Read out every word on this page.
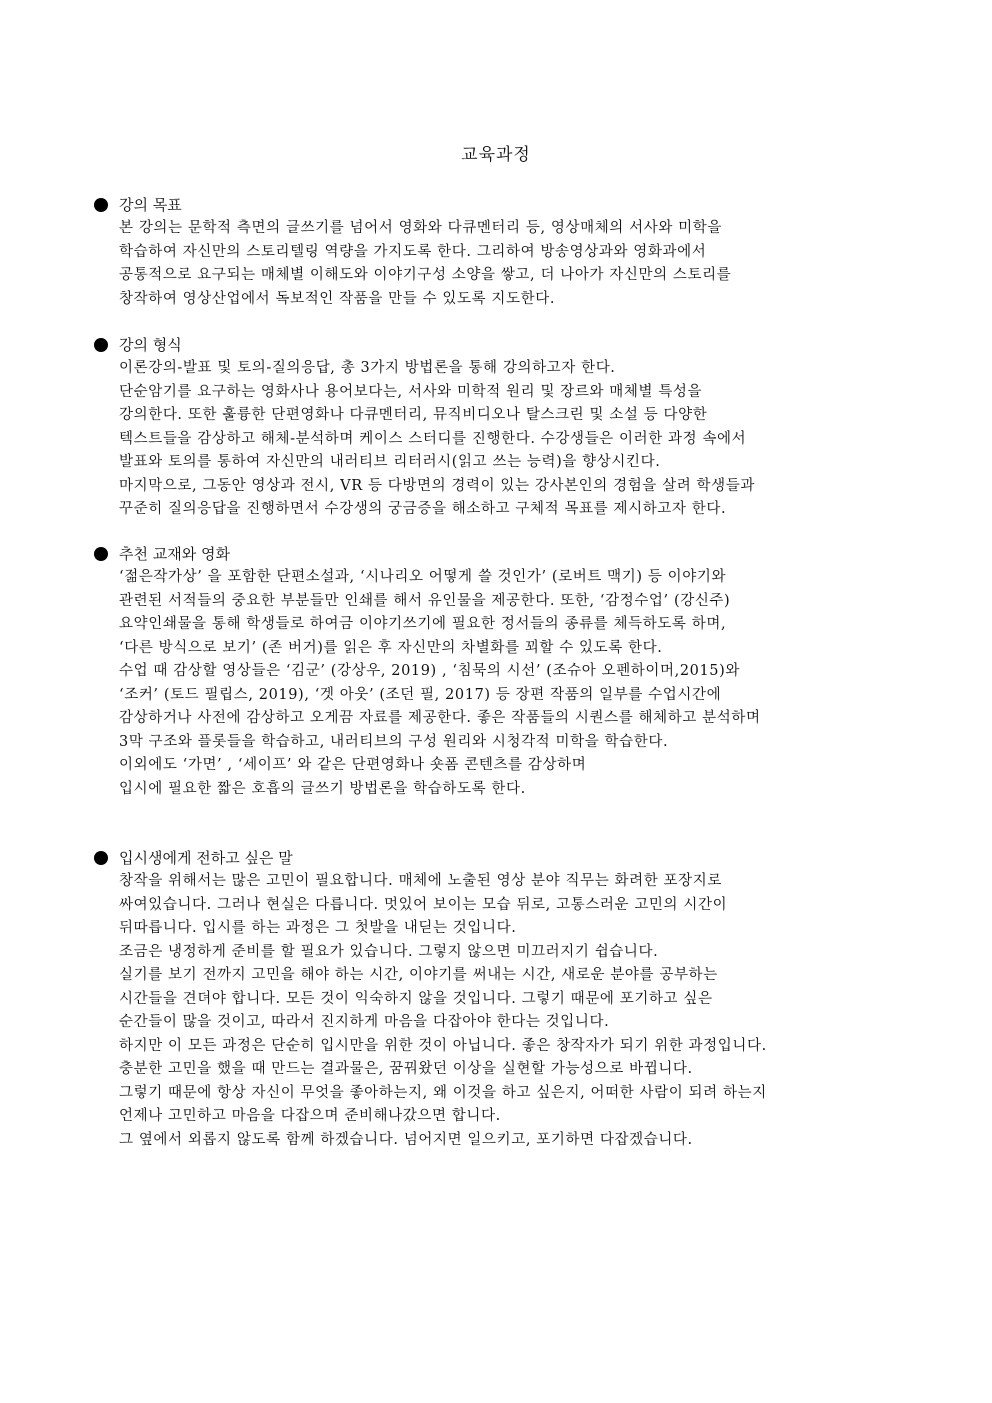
교육과정
강의 목표
본 강의는 문학적 측면의 글쓰기를 넘어서 영화와 다큐멘터리 등, 영상매체의 서사와 미학을
학습하여 자신만의 스토리텔링 역량을 가지도록 한다. 그리하여 방송영상과와 영화과에서
공통적으로 요구되는 매체별 이해도와 이야기구성 소양을 쌓고, 더 나아가 자신만의 스토리를
창작하여 영상산업에서 독보적인 작품을 만들 수 있도록 지도한다.
강의 형식
이론강의-발표 및 토의-질의응답, 총 3가지 방법론을 통해 강의하고자 한다.
단순암기를 요구하는 영화사나 용어보다는, 서사와 미학적 원리 및 장르와 매체별 특성을
강의한다. 또한 훌륭한 단편영화나 다큐멘터리, 뮤직비디오나 탈스크린 및 소설 등 다양한
텍스트들을 감상하고 해체-분석하며 케이스 스터디를 진행한다. 수강생들은 이러한 과정 속에서
발표와 토의를 통하여 자신만의 내러티브 리터러시(읽고 쓰는 능력)을 향상시킨다.
마지막으로, 그동안 영상과 전시, VR 등 다방면의 경력이 있는 강사본인의 경험을 살려 학생들과
꾸준히 질의응답을 진행하면서 수강생의 궁금증을 해소하고 구체적 목표를 제시하고자 한다.
추천 교재와 영화
‘젊은작가상’ 을 포함한 단편소설과, ‘시나리오 어떻게 쓸 것인가’ (로버트 맥기) 등 이야기와
관련된 서적들의 중요한 부분들만 인쇄를 해서 유인물을 제공한다. 또한, ‘감정수업’ (강신주)
요약인쇄물을 통해 학생들로 하여금 이야기쓰기에 필요한 정서들의 종류를 체득하도록 하며,
‘다른 방식으로 보기’ (존 버거)를 읽은 후 자신만의 차별화를 꾀할 수 있도록 한다.
수업 때 감상할 영상들은 ‘김군’ (강상우, 2019) , ‘침묵의 시선’ (조슈아 오펜하이머,2015)와
‘조커’ (토드 필립스, 2019), ‘겟 아웃’ (조던 필, 2017) 등 장편 작품의 일부를 수업시간에
감상하거나 사전에 감상하고 오게끔 자료를 제공한다. 좋은 작품들의 시퀀스를 해체하고 분석하며
3막 구조와 플롯들을 학습하고, 내러티브의 구성 원리와 시청각적 미학을 학습한다.
이외에도 ‘가면’ , ‘세이프’ 와 같은 단편영화나 숏폼 콘텐츠를 감상하며
입시에 필요한 짧은 호흡의 글쓰기 방법론을 학습하도록 한다.
입시생에게 전하고 싶은 말
창작을 위해서는 많은 고민이 필요합니다. 매체에 노출된 영상 분야 직무는 화려한 포장지로
싸여있습니다. 그러나 현실은 다릅니다. 멋있어 보이는 모습 뒤로, 고통스러운 고민의 시간이
뒤따릅니다. 입시를 하는 과정은 그 첫발을 내딛는 것입니다.
조금은 냉정하게 준비를 할 필요가 있습니다. 그렇지 않으면 미끄러지기 쉽습니다.
실기를 보기 전까지 고민을 해야 하는 시간, 이야기를 써내는 시간, 새로운 분야를 공부하는
시간들을 견뎌야 합니다. 모든 것이 익숙하지 않을 것입니다. 그렇기 때문에 포기하고 싶은
순간들이 많을 것이고, 따라서 진지하게 마음을 다잡아야 한다는 것입니다.
하지만 이 모든 과정은 단순히 입시만을 위한 것이 아닙니다. 좋은 창작자가 되기 위한 과정입니다.
충분한 고민을 했을 때 만드는 결과물은, 꿈꿔왔던 이상을 실현할 가능성으로 바뀝니다.
그렇기 때문에 항상 자신이 무엇을 좋아하는지, 왜 이것을 하고 싶은지, 어떠한 사람이 되려 하는지
언제나 고민하고 마음을 다잡으며 준비해나갔으면 합니다.
그 옆에서 외롭지 않도록 함께 하겠습니다. 넘어지면 일으키고, 포기하면 다잡겠습니다.
